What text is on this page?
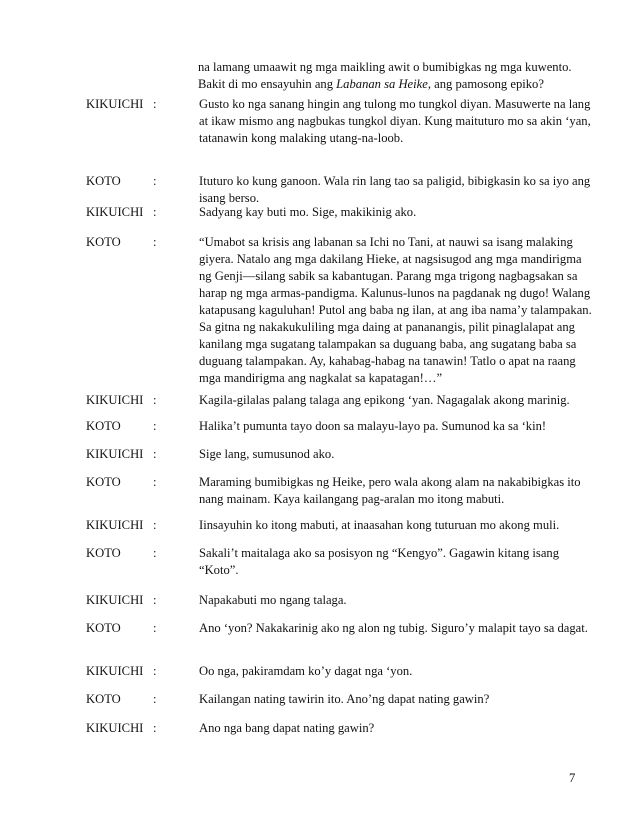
na lamang umaawit ng mga maikling awit o bumibigkas ng mga kuwento.
Bakit di mo ensayuhin ang Labanan sa Heike, ang pamosong epiko?
KIKUICHI :	Gusto ko nga sanang hingin ang tulong mo tungkol diyan. Masuwerte na lang at ikaw mismo ang nagbukas tungkol diyan. Kung maituturo mo sa akin ‘yan, tatanawin kong malaking utang-na-loob.
KOTO	:	Ituturo ko kung ganoon. Wala rin lang tao sa paligid, bibigkasin ko sa iyo ang isang berso.
KIKUICHI :	Sadyang kay buti mo. Sige, makikinig ako.
KOTO	:	“Umabot sa krisis ang labanan sa Ichi no Tani, at nauwi sa isang malaking giyera. Natalo ang mga dakilang Hieke, at nagsisugod ang mga mandirigma ng Genji—silang sabik sa kabantugan. Parang mga trigong nagbagsakan sa harap ng mga armas-pandigma. Kalunus-lunos na pagdanak ng dugo! Walang katapusang kaguluhan! Putol ang baba ng ilan, at ang iba nama’y talampakan. Sa gitna ng nakakukuliling mga daing at pananangis, pilit pinaglalapat ang kanilang mga sugatang talampakan sa duguang baba, ang sugatang baba sa duguang talampakan. Ay, kahabag-habag na tanawin! Tatlo o apat na raang mga mandirigma ang nagkalat sa kapatagan!…”
KIKUICHI :	Kagila-gilalas palang talaga ang epikong ‘yan. Nagagalak akong marinig.
KOTO	:	Halika’t pumunta tayo doon sa malayu-layo pa. Sumunod ka sa ‘kin!
KIKUICHI :	Sige lang, sumusunod ako.
KOTO	:	Maraming bumibigkas ng Heike, pero wala akong alam na nakabibigkas ito nang mainam. Kaya kailangang pag-aralan mo itong mabuti.
KIKUICHI :	Iinsayuhin ko itong mabuti, at inaasahan kong tuturuan mo akong muli.
KOTO	:	Sakali’t maitalaga ako sa posisyon ng “Kengyo”. Gagawin kitang isang “Koto”.
KIKUICHI :	Napakabuti mo ngang talaga.
KOTO	:	Ano ‘yon? Nakakarinig ako ng alon ng tubig. Siguro’y malapit tayo sa dagat.
KIKUICHI :	Oo nga, pakiramdam ko’y dagat nga ‘yon.
KOTO	:	Kailangan nating tawirin ito. Ano’ng dapat nating gawin?
KIKUICHI :	Ano nga bang dapat nating gawin?
7
